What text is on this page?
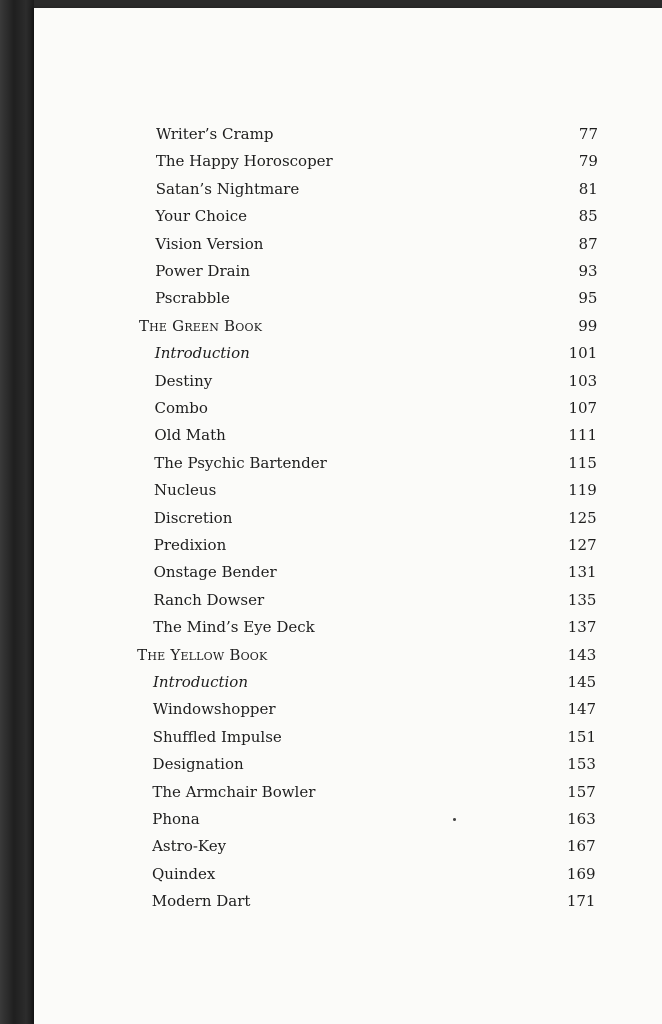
Writer’s Cramp	77
The Happy Horoscoper	79
Satan’s Nightmare	81
Your Choice	85
Vision Version	87
Power Drain	93
Pscrabble	95
The Green Book	99
Introduction	101
Destiny	103
Combo	107
Old Math	111
The Psychic Bartender	115
Nucleus	119
Discretion	125
Predixion	127
Onstage Bender	131
Ranch Dowser	135
The Mind’s Eye Deck	137
The Yellow Book	143
Introduction	145
Windowshopper	147
Shuffled Impulse	151
Designation	153
The Armchair Bowler	157
Phona	163
Astro-Key	167
Quindex	169
Modern Dart	171
